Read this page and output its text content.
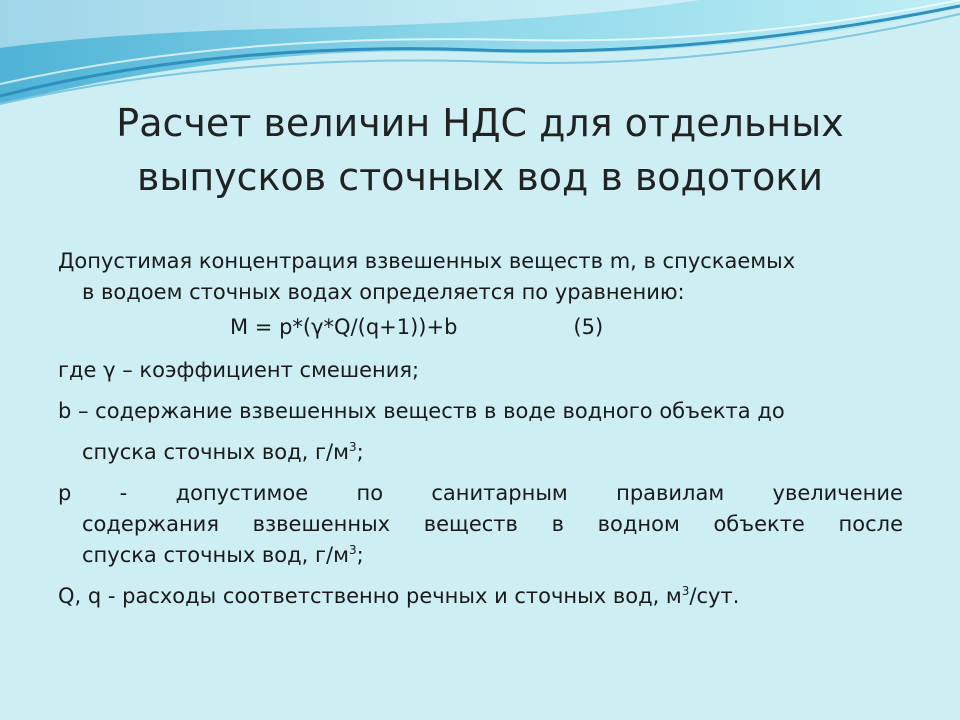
Расчет величин НДС для отдельных
выпусков сточных вод в водотоки
Допустимая концентрация взвешенных веществ m, в спускаемых
в водоем сточных водах определяется по уравнению:
M = p*(γ*Q/(q+1))+b	(5)
где γ – коэффициент смешения;
b – содержание взвешенных веществ в воде водного объекта до
спуска сточных вод, $г/м^3$;
p - допустимое по санитарным правилам увеличение
содержания взвешенных веществ в водном объекте после
спуска сточных вод, $г/м^3$;
Q, q - расходы соответственно речных и сточных вод, $м^3$/сут.
